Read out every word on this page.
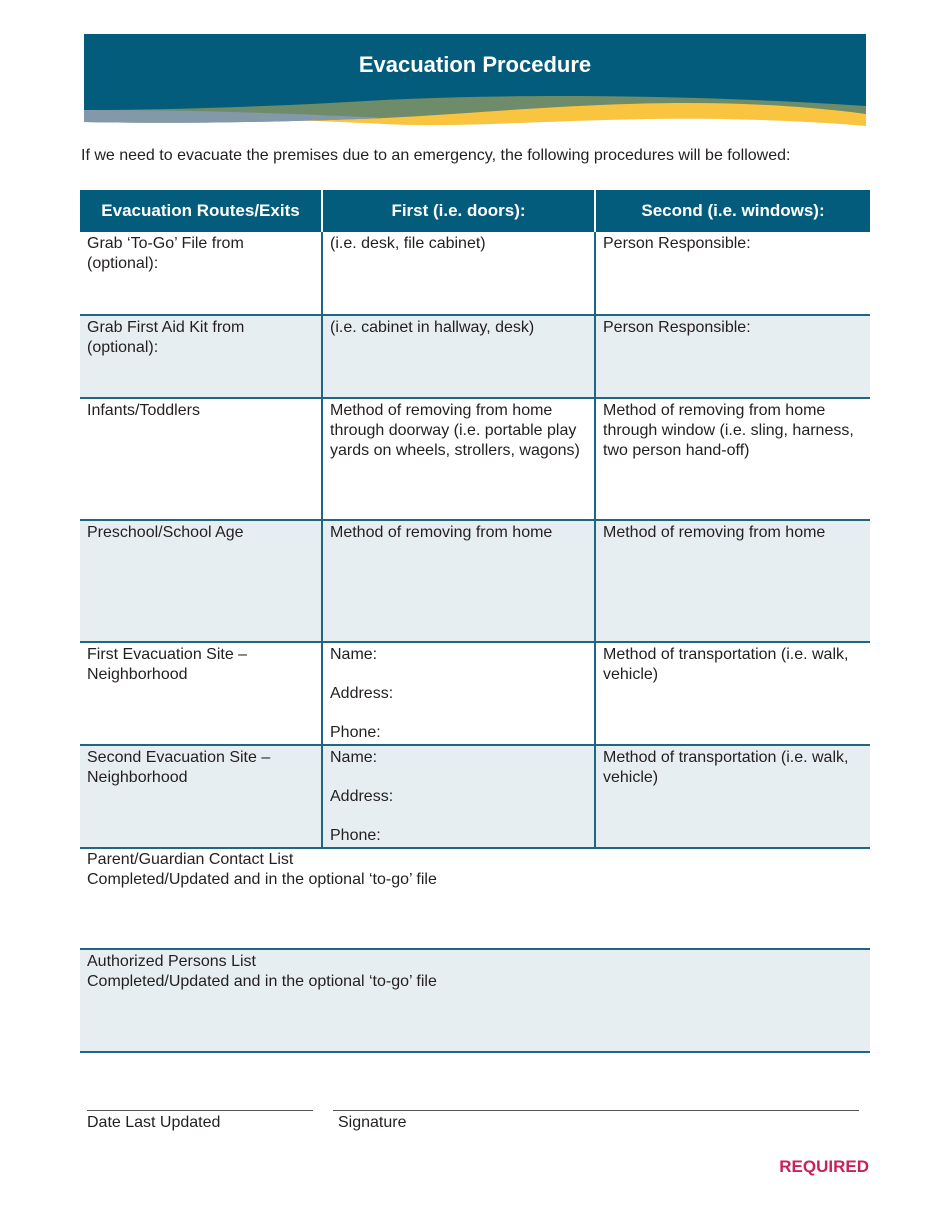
Evacuation Procedure
If we need to evacuate the premises due to an emergency, the following procedures will be followed:
Evacuation Routes/Exits	First (i.e. doors):	Second (i.e. windows):
Grab ‘To-Go’ File from (optional):	(i.e. desk, file cabinet)	Person Responsible:

Grab First Aid Kit from (optional):	(i.e. cabinet in hallway, desk)	Person Responsible:

Infants/Toddlers	Method of removing from home through doorway (i.e. portable play yards on wheels, strollers, wagons)	Method of removing from home through window (i.e. sling, harness, two person hand-off)

Preschool/School Age	Method of removing from home	Method of removing from home

First Evacuation Site – Neighborhood	Name:
Address:
Phone:	Method of transportation (i.e. walk, vehicle)

Second Evacuation Site – Neighborhood	Name:
Address:
Phone:	Method of transportation (i.e. walk, vehicle)
Parent/Guardian Contact List
Completed/Updated and in the optional ‘to-go’ file
Authorized Persons List
Completed/Updated and in the optional ‘to-go’ file
Date Last Updated	Signature
REQUIRED
